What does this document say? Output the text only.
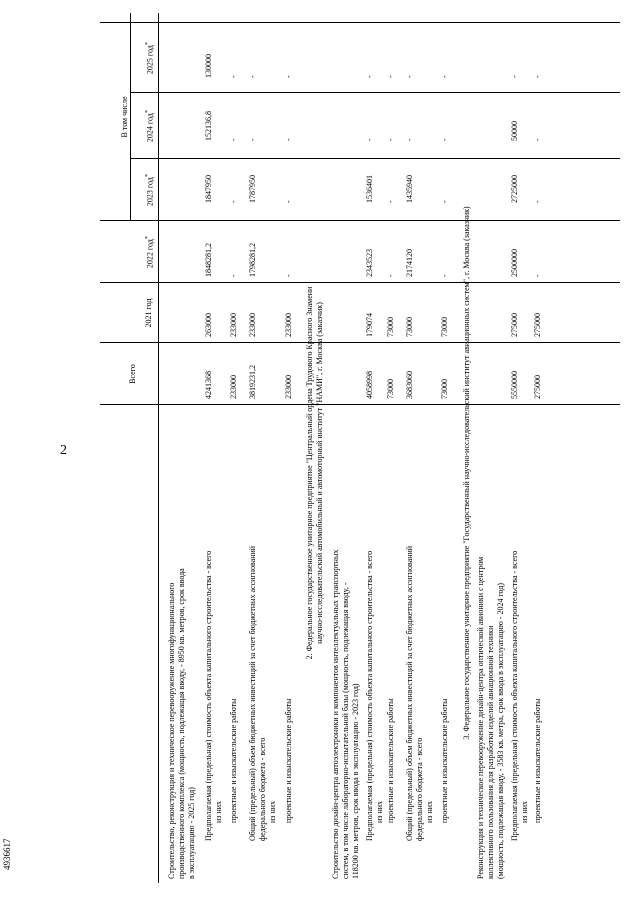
2
4936617
Всего
В том числе
2021 год
2022 год*
2023 год*
2024 год*
2025 год*
Строительство, реконструкция и техническое перевооружение многофункционального производственного комплекса (мощность, подлежащая вводу, - 8950 кв. метров, срок ввода в эксплуатацию - 2025 год) Предполагаемая (предельная) стоимость объекта капитального строительства - всего
4241368
263000
1848281,2
1847950
152136,8
130000
из них проектные и изыскательские работы
233000
233000
-
-
-
-
Общий (предельный) объем бюджетных инвестиций за счет бюджетных ассигнований федерального бюджета - всего из них
3819231,2
233000
1798281,2
1787950
-
-
проектные и изыскательские работы
233000
233000
-
-
-
-
2. Федеральное государственное унитарное предприятие "Центральный ордена Трудового Красного Знамени научно-исследовательский автомобильный и автомоторный институт "НАМИ", г. Москва (заказчик)
Строительство дизайн-центра автоэлектроники и компонентов интеллектуальных транспортных систем, в том числе лабораторно-испытательной базы (мощность, подлежащая вводу, - 118200 кв. метров, срок ввода в эксплуатацию - 2023 год) Предполагаемая (предельная) стоимость объекта капитального строительства - всего
4058998
179074
2343523
1536401
-
-
из них проектные и изыскательские работы
73000
73000
-
-
-
-
Общий (предельный) объем бюджетных инвестиций за счет бюджетных ассигнований федерального бюджета - всего из них
3683060
73000
2174120
1435940
-
-
проектные и изыскательские работы
73000
73000
-
-
-
-
3. Федеральное государственное унитарное предприятие "Государственный научно-исследовательский институт авиационных систем", г. Москва (заказчик) Реконструкция и техническое перевооружение дизайн-центра оптической авионики с центром коллективного пользования для разработки изделий авиационной техники (мощность, подлежащая вводу, - 3583 кв. метра, срок ввода в эксплуатацию - 2024 год) Предполагаемая (предельная) стоимость объекта капитального строительства - всего
5550000
275000
2500000
2725000
50000
-
из них проектные и изыскательские работы
275000
275000
-
-
-
-
